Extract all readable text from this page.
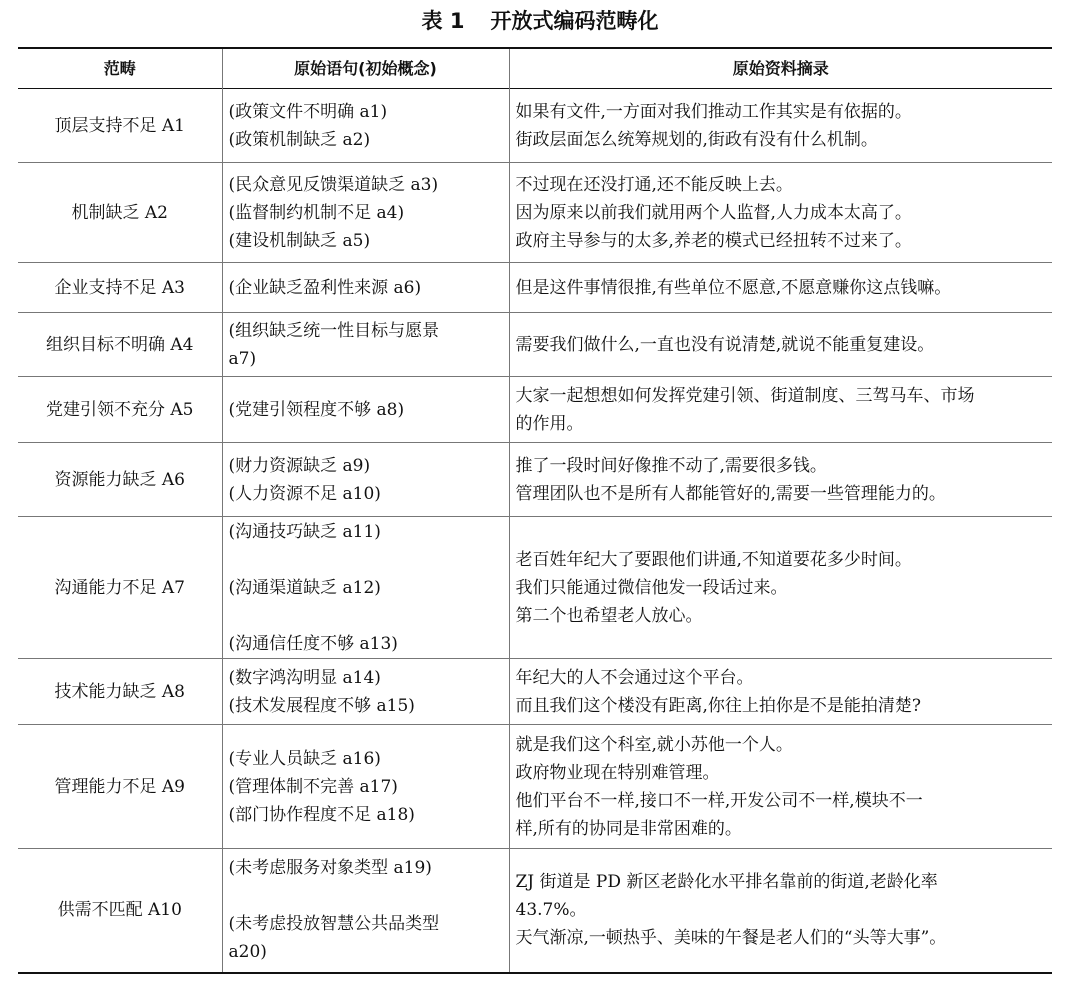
表 1 开放式编码范畴化
范畴	原始语句(初始概念)	原始资料摘录
顶层支持不足 A1	(政策文件不明确 a1)
(政策机制缺乏 a2)	如果有文件,一方面对我们推动工作其实是有依据的。
街政层面怎么统筹规划的,街政有没有什么机制。

机制缺乏 A2	(民众意见反馈渠道缺乏 a3)
(监督制约机制不足 a4)
(建设机制缺乏 a5)	不过现在还没打通,还不能反映上去。
因为原来以前我们就用两个人监督,人力成本太高了。
政府主导参与的太多,养老的模式已经扭转不过来了。

企业支持不足 A3	(企业缺乏盈利性来源 a6)	但是这件事情很推,有些单位不愿意,不愿意赚你这点钱嘛。

组织目标不明确 A4	(组织缺乏统一性目标与愿景
a7)	需要我们做什么,一直也没有说清楚,就说不能重复建设。

党建引领不充分 A5	(党建引领程度不够 a8)	大家一起想想如何发挥党建引领、街道制度、三驾马车、市场
的作用。

资源能力缺乏 A6	(财力资源缺乏 a9)
(人力资源不足 a10)	推了一段时间好像推不动了,需要很多钱。
管理团队也不是所有人都能管好的,需要一些管理能力的。

沟通能力不足 A7	(沟通技巧缺乏 a11)

(沟通渠道缺乏 a12)

(沟通信任度不够 a13)	老百姓年纪大了要跟他们讲通,不知道要花多少时间。
我们只能通过微信他发一段话过来。
第二个也希望老人放心。

技术能力缺乏 A8	(数字鸿沟明显 a14)
(技术发展程度不够 a15)	年纪大的人不会通过这个平台。
而且我们这个楼没有距离,你往上拍你是不是能拍清楚?

管理能力不足 A9	(专业人员缺乏 a16)
(管理体制不完善 a17)
(部门协作程度不足 a18)	就是我们这个科室,就小苏他一个人。
政府物业现在特别难管理。
他们平台不一样,接口不一样,开发公司不一样,模块不一
样,所有的协同是非常困难的。

供需不匹配 A10	(未考虑服务对象类型 a19)

(未考虑投放智慧公共品类型
a20)	ZJ 街道是 PD 新区老龄化水平排名靠前的街道,老龄化率
43.7%。
天气渐凉,一顿热乎、美味的午餐是老人们的“头等大事”。
